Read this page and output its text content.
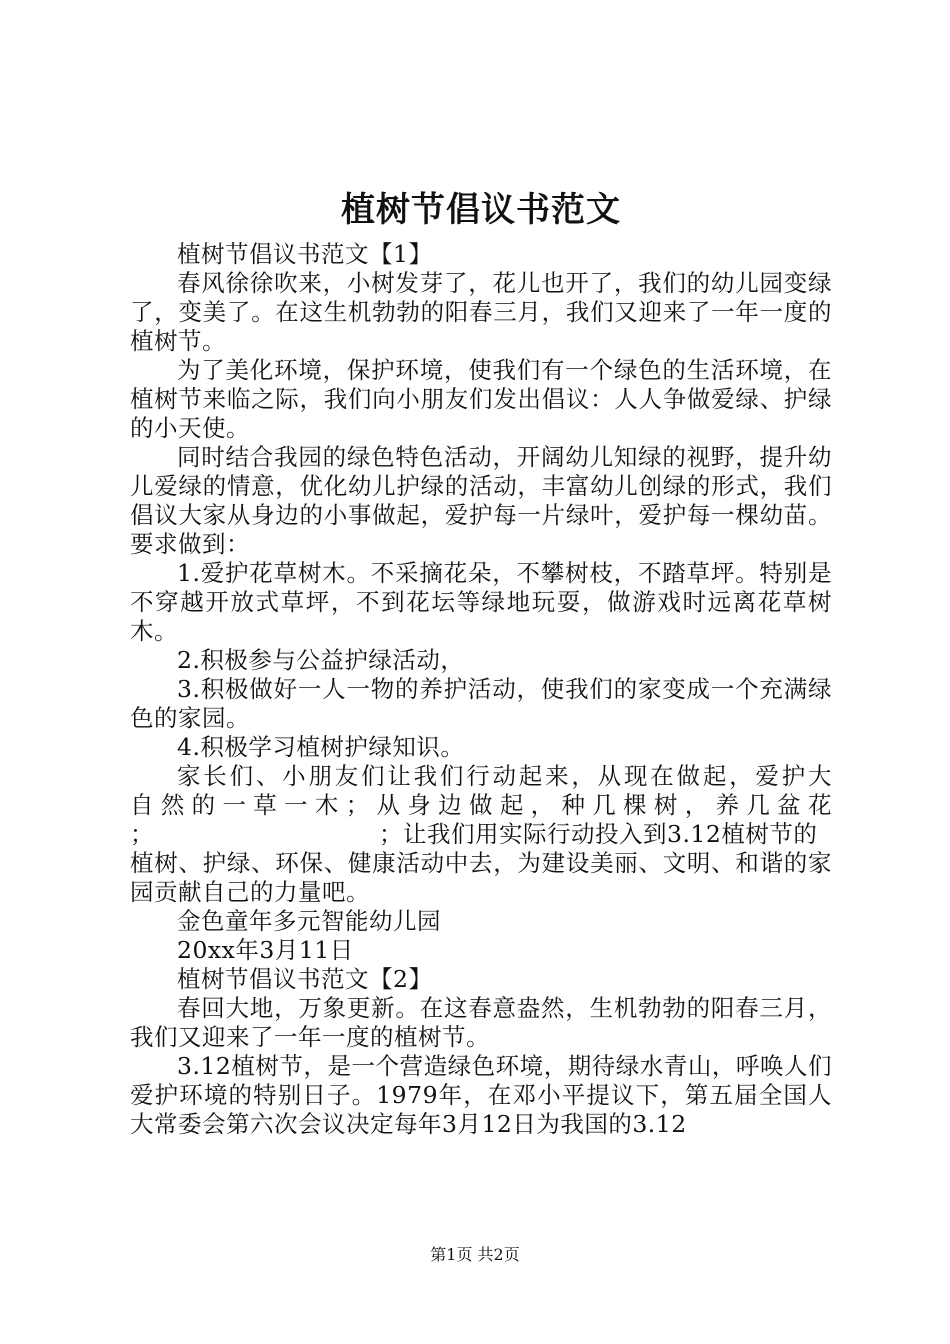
植树节倡议书范文

植树节倡议书范文【1】

春风徐徐吹来，小树发芽了，花儿也开了，我们的幼儿园变绿了，变美了。在这生机勃勃的阳春三月，我们又迎来了一年一度的植树节。

为了美化环境，保护环境，使我们有一个绿色的生活环境，在植树节来临之际，我们向小朋友们发出倡议：人人争做爱绿、护绿的小天使。

同时结合我园的绿色特色活动，开阔幼儿知绿的视野，提升幼儿爱绿的情意，优化幼儿护绿的活动，丰富幼儿创绿的形式，我们倡议大家从身边的小事做起，爱护每一片绿叶，爱护每一棵幼苗。要求做到：

1.爱护花草树木。不采摘花朵，不攀树枝，不踏草坪。特别是不穿越开放式草坪，不到花坛等绿地玩耍，做游戏时远离花草树木。

2.积极参与公益护绿活动，

3.积极做好一人一物的养护活动，使我们的家变成一个充满绿色的家园。

4.积极学习植树护绿知识。

家长们、小朋友们让我们行动起来，从现在做起，爱护大

自然的一草一木；从身边做起，种几棵树，养几盆花

；	；让我们用实际行动投入到3.12植树节的

植树、护绿、环保、健康活动中去，为建设美丽、文明、和谐的家园贡献自己的力量吧。

金色童年多元智能幼儿园

20xx年3月11日

植树节倡议书范文【2】

春回大地，万象更新。在这春意盎然，生机勃勃的阳春三月，我们又迎来了一年一度的植树节。

3.12植树节，是一个营造绿色环境，期待绿水青山，呼唤人们爱护环境的特别日子。1979年，在邓小平提议下，第五届全国人大常委会第六次会议决定每年3月12日为我国的3.12

第1页 共2页
